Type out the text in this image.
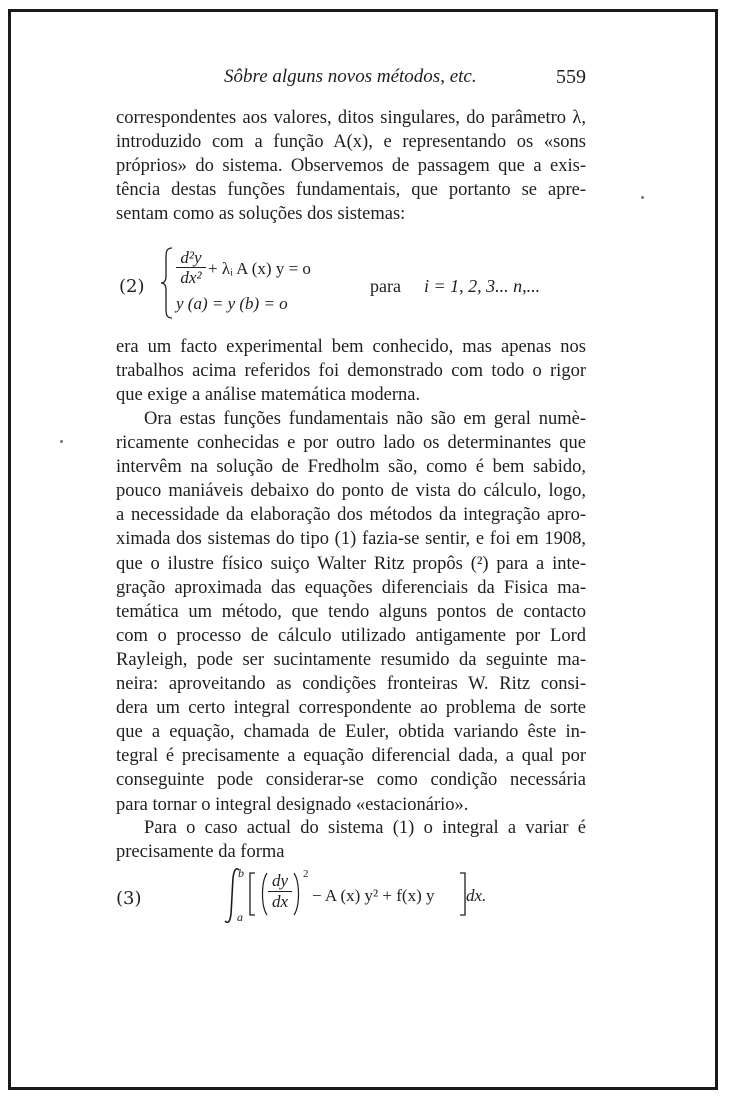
Sôbre alguns novos métodos, etc.	559
correspondentes aos valores, ditos singulares, do parâmetro λ,
introduzido com a função A(x), e representando os «sons
próprios» do sistema. Observemos de passagem que a exis-
tência destas funções fundamentais, que portanto se apre-
sentam como as soluções dos sistemas:
(2)
d²y
dx² + λᵢ A (x) y = o
y (a) = y (b) = o
para i = 1, 2, 3... n,...
era um facto experimental bem conhecido, mas apenas nos
trabalhos acima referidos foi demonstrado com todo o rigor
que exige a análise matemática moderna.
Ora estas funções fundamentais não são em geral numè-
ricamente conhecidas e por outro lado os determinantes que
intervêm na solução de Fredholm são, como é bem sabido,
pouco maniáveis debaixo do ponto de vista do cálculo, logo,
a necessidade da elaboração dos métodos da integração apro-
ximada dos sistemas do tipo (1) fazia-se sentir, e foi em 1908,
que o ilustre físico suiço Walter Ritz propôs (²) para a inte-
gração aproximada das equações diferenciais da Fisica ma-
temática um método, que tendo alguns pontos de contacto
com o processo de cálculo utilizado antigamente por Lord
Rayleigh, pode ser sucintamente resumido da seguinte ma-
neira: aproveitando as condições fronteiras W. Ritz consi-
dera um certo integral correspondente ao problema de sorte
que a equação, chamada de Euler, obtida variando êste in-
tegral é precisamente a equação diferencial dada, a qual por
conseguinte pode considerar-se como condição necessária
para tornar o integral designado «estacionário».
Para o caso actual do sistema (1) o integral a variar é
precisamente da forma
(3)
b
a
dy
dx
2
− A (x) y² + f(x) y dx.
